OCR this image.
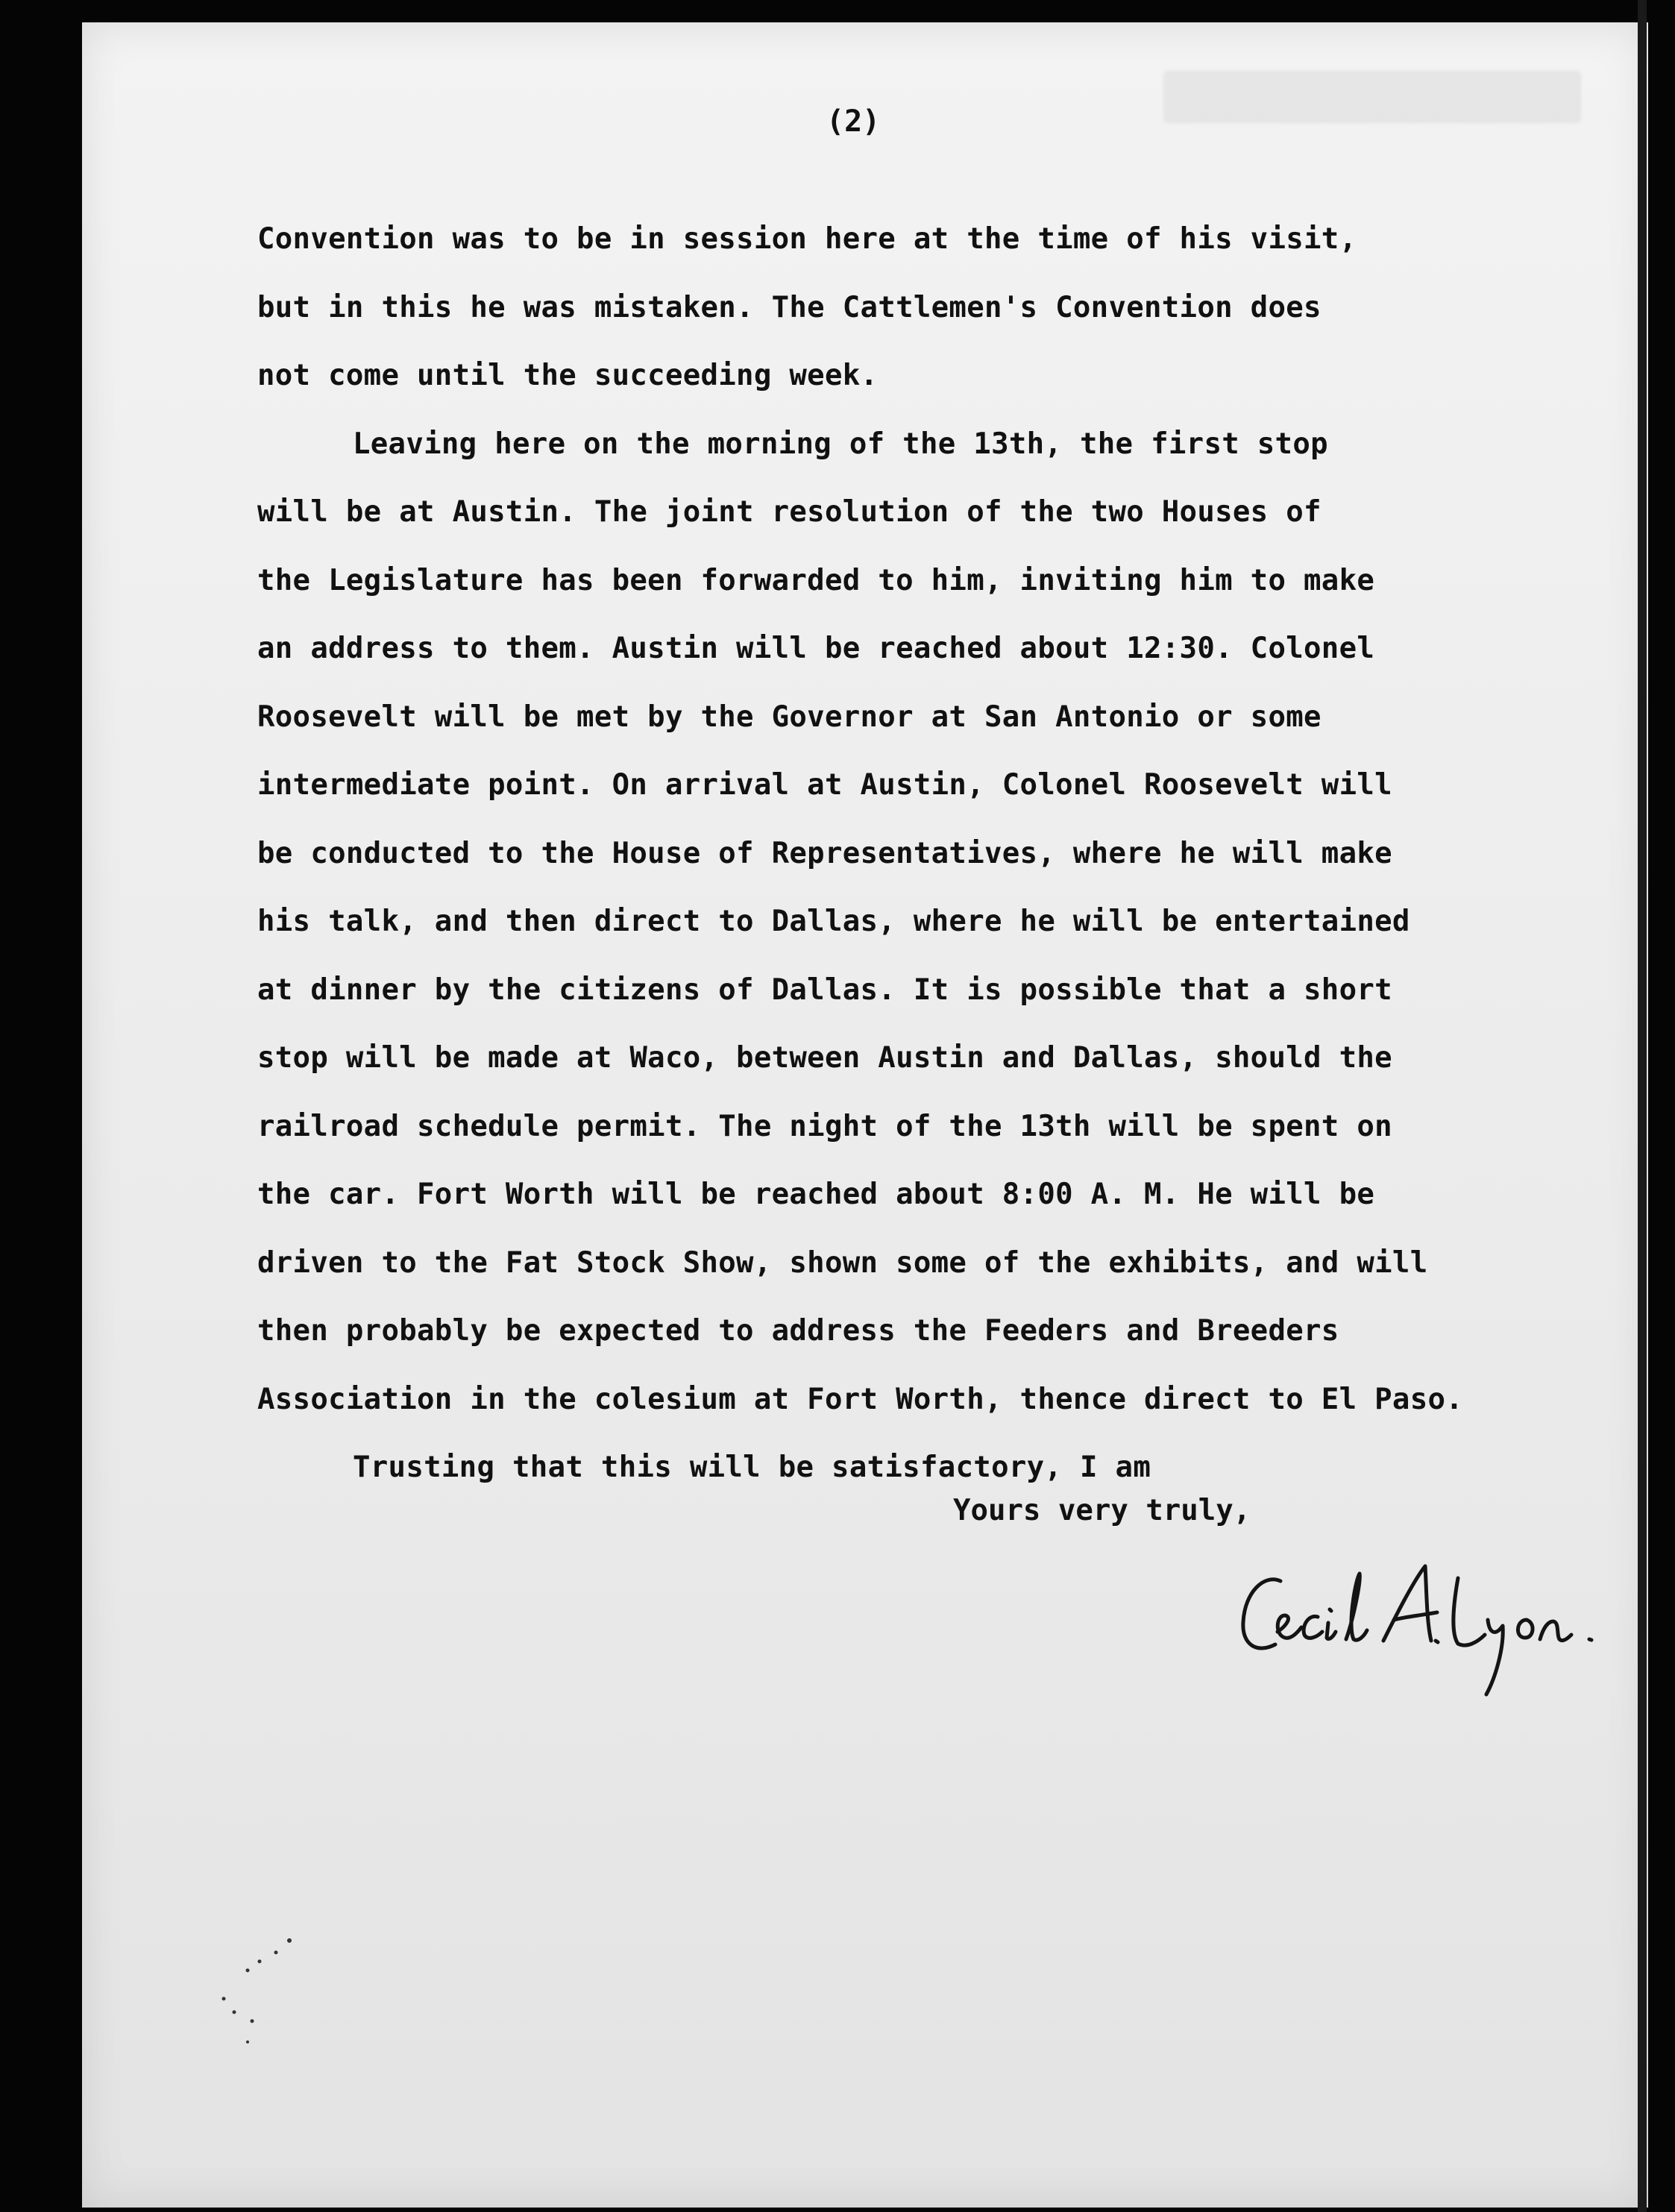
(2)
Convention was to be in session here at the time of his visit,
but in this he was mistaken. The Cattlemen's Convention does
not come until the succeeding week.
Leaving here on the morning of the 13th, the first stop
will be at Austin. The joint resolution of the two Houses of
the Legislature has been forwarded to him, inviting him to make
an address to them. Austin will be reached about 12:30. Colonel
Roosevelt will be met by the Governor at San Antonio or some
intermediate point. On arrival at Austin, Colonel Roosevelt will
be conducted to the House of Representatives, where he will make
his talk, and then direct to Dallas, where he will be entertained
at dinner by the citizens of Dallas. It is possible that a short
stop will be made at Waco, between Austin and Dallas, should the
railroad schedule permit. The night of the 13th will be spent on
the car. Fort Worth will be reached about 8:00 A. M. He will be
driven to the Fat Stock Show, shown some of the exhibits, and will
then probably be expected to address the Feeders and Breeders
Association in the colesium at Fort Worth, thence direct to El Paso.
Trusting that this will be satisfactory, I am
Yours very truly,
